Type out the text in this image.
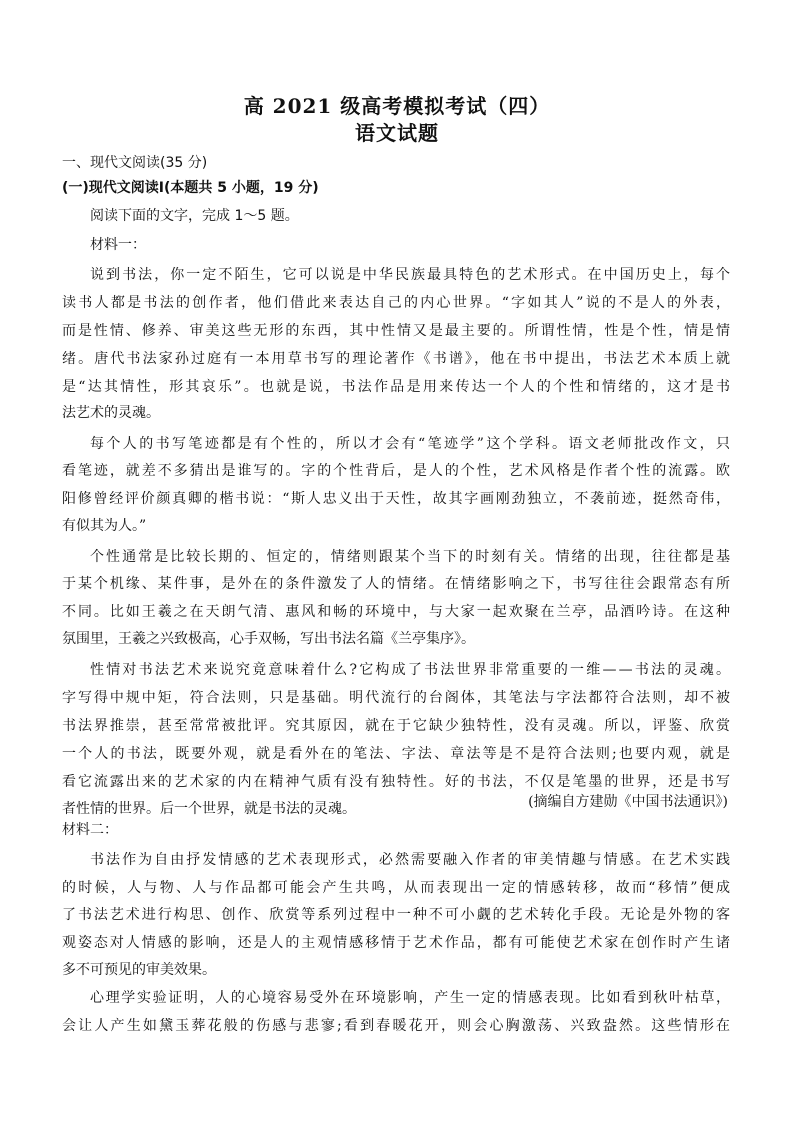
高 2021 级高考模拟考试（四）
语文试题
一、现代文阅读(35 分)
(一)现代文阅读Ⅰ(本题共 5 小题，19 分)
阅读下面的文字，完成 1～5 题。
材料一：
说到书法，你一定不陌生，它可以说是中华民族最具特色的艺术形式。在中国历史上，每个
读书人都是书法的创作者，他们借此来表达自己的内心世界。“字如其人”说的不是人的外表，
而是性情、修养、审美这些无形的东西，其中性情又是最主要的。所谓性情，性是个性，情是情
绪。唐代书法家孙过庭有一本用草书写的理论著作《书谱》，他在书中提出，书法艺术本质上就
是“达其情性，形其哀乐”。也就是说，书法作品是用来传达一个人的个性和情绪的，这才是书
法艺术的灵魂。
每个人的书写笔迹都是有个性的，所以才会有“笔迹学”这个学科。语文老师批改作文，只
看笔迹，就差不多猜出是谁写的。字的个性背后，是人的个性，艺术风格是作者个性的流露。欧
阳修曾经评价颜真卿的楷书说：“斯人忠义出于天性，故其字画刚劲独立，不袭前迹，挺然奇伟，
有似其为人。”
个性通常是比较长期的、恒定的，情绪则跟某个当下的时刻有关。情绪的出现，往往都是基
于某个机缘、某件事，是外在的条件激发了人的情绪。在情绪影响之下，书写往往会跟常态有所
不同。比如王羲之在天朗气清、惠风和畅的环境中，与大家一起欢聚在兰亭，品酒吟诗。在这种
氛围里，王羲之兴致极高，心手双畅，写出书法名篇《兰亭集序》。
性情对书法艺术来说究竟意味着什么?它构成了书法世界非常重要的一维——书法的灵魂。
字写得中规中矩，符合法则，只是基础。明代流行的台阁体，其笔法与字法都符合法则，却不被
书法界推崇，甚至常常被批评。究其原因，就在于它缺少独特性，没有灵魂。所以，评鉴、欣赏
一个人的书法，既要外观，就是看外在的笔法、字法、章法等是不是符合法则;也要内观，就是
看它流露出来的艺术家的内在精神气质有没有独特性。好的书法，不仅是笔墨的世界，还是书写
者性情的世界。后一个世界，就是书法的灵魂。	(摘编自方建勋《中国书法通识》)
材料二：
书法作为自由抒发情感的艺术表现形式，必然需要融入作者的审美情趣与情感。在艺术实践
的时候，人与物、人与作品都可能会产生共鸣，从而表现出一定的情感转移，故而“移情”便成
了书法艺术进行构思、创作、欣赏等系列过程中一种不可小觑的艺术转化手段。无论是外物的客
观姿态对人情感的影响，还是人的主观情感移情于艺术作品，都有可能使艺术家在创作时产生诸
多不可预见的审美效果。
心理学实验证明，人的心境容易受外在环境影响，产生一定的情感表现。比如看到秋叶枯草，
会让人产生如黛玉葬花般的伤感与悲寥;看到春暖花开，则会心胸激荡、兴致盎然。这些情形在
